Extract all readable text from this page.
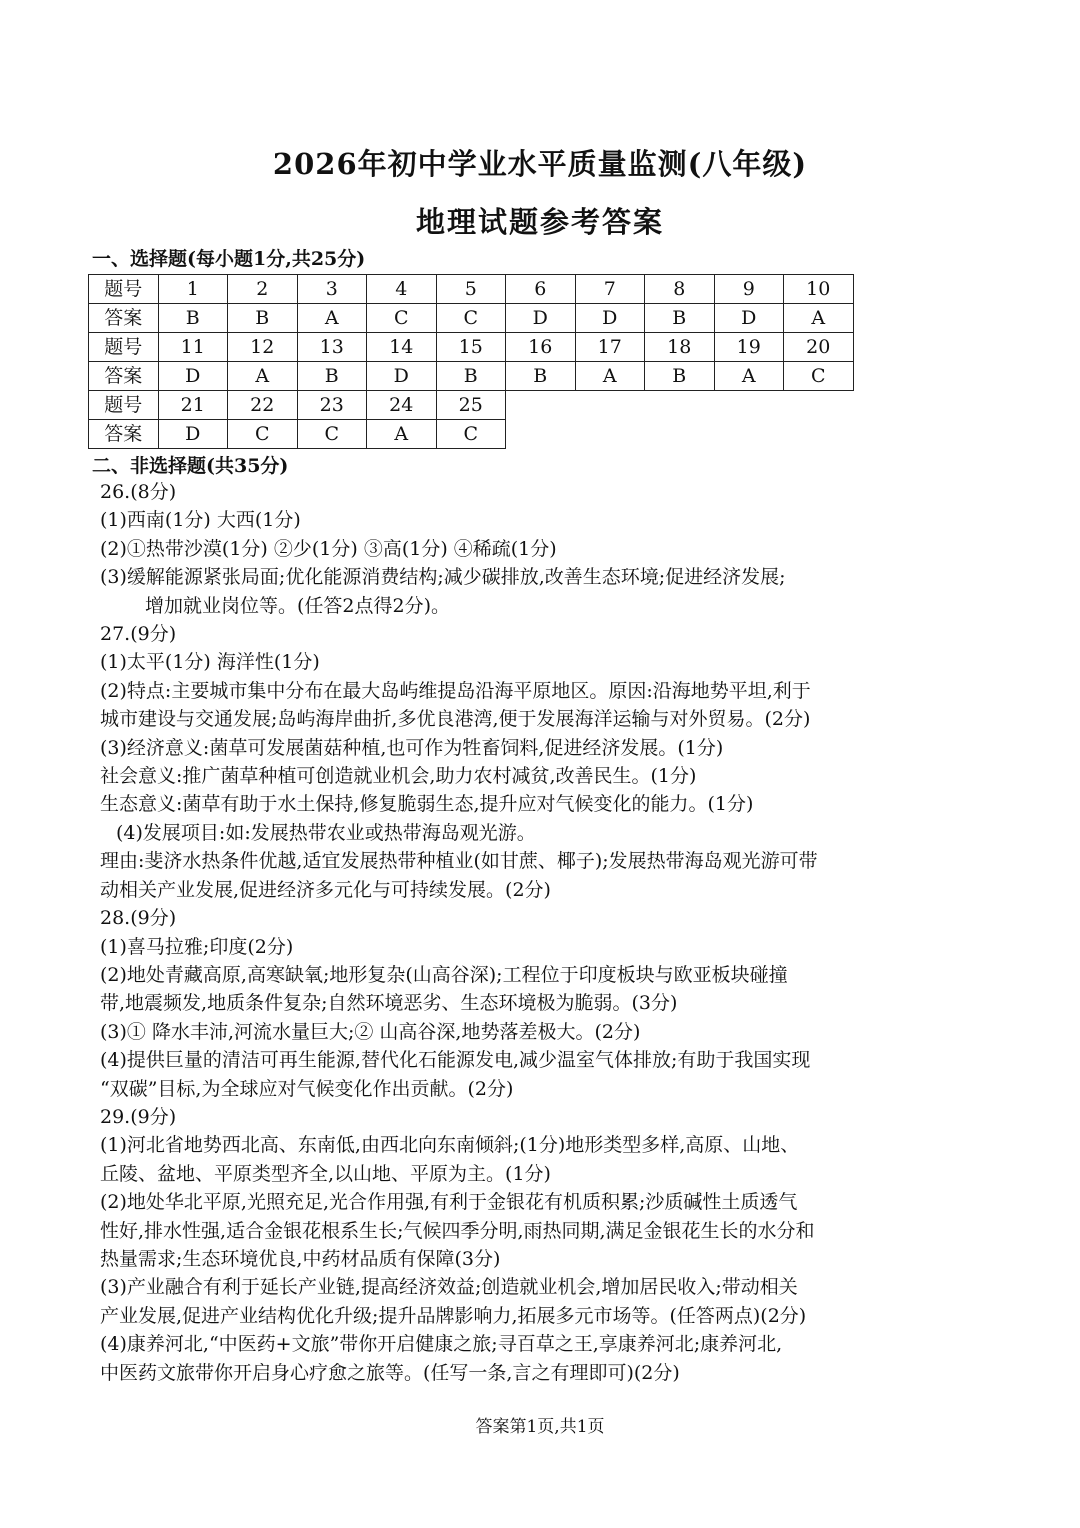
2026年初中学业水平质量监测(八年级)
地理试题参考答案
一、选择题(每小题1分,共25分)
题号	1	2	3	4	5	6	7	8	9	10
答案	B	B	A	C	C	D	D	B	D	A
题号	11	12	13	14	15	16	17	18	19	20
答案	D	A	B	D	B	B	A	B	A	C
题号	21	22	23	24	25					
答案	D	C	C	A	C					
二、非选择题(共35分)

26.(8分)

(1)西南(1分) 大西(1分)

(2)①热带沙漠(1分) ②少(1分) ③高(1分) ④稀疏(1分)

(3)缓解能源紧张局面;优化能源消费结构;减少碳排放,改善生态环境;促进经济发展;

增加就业岗位等。(任答2点得2分)。

27.(9分)

(1)太平(1分) 海洋性(1分)

(2)特点:主要城市集中分布在最大岛屿维提岛沿海平原地区。原因:沿海地势平坦,利于

城市建设与交通发展;岛屿海岸曲折,多优良港湾,便于发展海洋运输与对外贸易。(2分)

(3)经济意义:菌草可发展菌菇种植,也可作为牲畜饲料,促进经济发展。(1分)

社会意义:推广菌草种植可创造就业机会,助力农村减贫,改善民生。(1分)

生态意义:菌草有助于水土保持,修复脆弱生态,提升应对气候变化的能力。(1分)

(4)发展项目:如:发展热带农业或热带海岛观光游。

理由:斐济水热条件优越,适宜发展热带种植业(如甘蔗、椰子);发展热带海岛观光游可带

动相关产业发展,促进经济多元化与可持续发展。(2分)

28.(9分)

(1)喜马拉雅;印度(2分)

(2)地处青藏高原,高寒缺氧;地形复杂(山高谷深);工程位于印度板块与欧亚板块碰撞

带,地震频发,地质条件复杂;自然环境恶劣、生态环境极为脆弱。(3分)

(3)① 降水丰沛,河流水量巨大;② 山高谷深,地势落差极大。(2分)

(4)提供巨量的清洁可再生能源,替代化石能源发电,减少温室气体排放;有助于我国实现

“双碳”目标,为全球应对气候变化作出贡献。(2分)

29.(9分)

(1)河北省地势西北高、东南低,由西北向东南倾斜;(1分)地形类型多样,高原、山地、

丘陵、盆地、平原类型齐全,以山地、平原为主。(1分)

(2)地处华北平原,光照充足,光合作用强,有利于金银花有机质积累;沙质碱性土质透气

性好,排水性强,适合金银花根系生长;气候四季分明,雨热同期,满足金银花生长的水分和

热量需求;生态环境优良,中药材品质有保障(3分)

(3)产业融合有利于延长产业链,提高经济效益;创造就业机会,增加居民收入;带动相关

产业发展,促进产业结构优化升级;提升品牌影响力,拓展多元市场等。(任答两点)(2分)

(4)康养河北,“中医药+文旅”带你开启健康之旅;寻百草之王,享康养河北;康养河北,

中医药文旅带你开启身心疗愈之旅等。(任写一条,言之有理即可)(2分)

答案第1页,共1页
